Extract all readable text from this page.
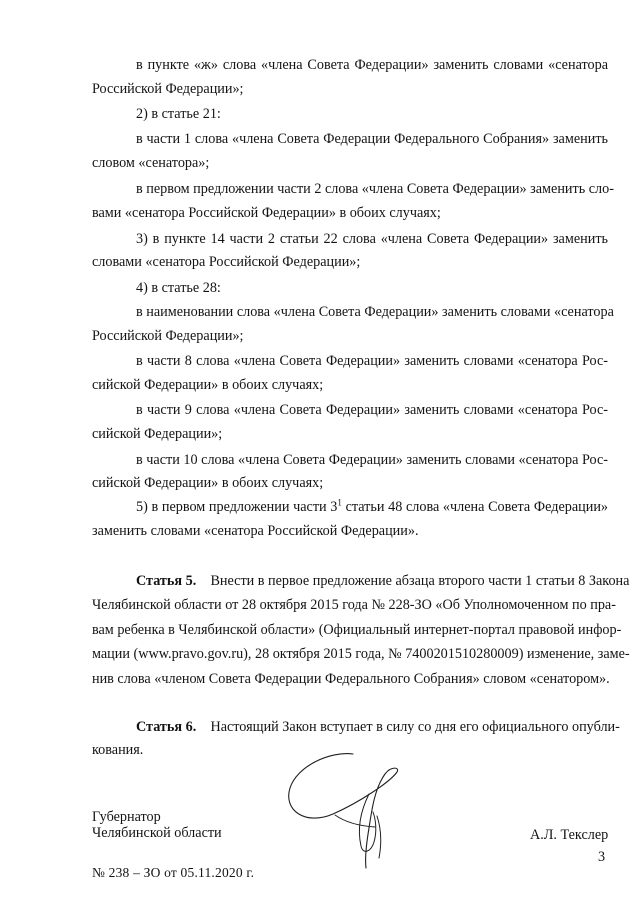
в пункте «ж» слова «члена Совета Федерации» заменить словами «сенатора

Российской Федерации»;

2) в статье 21:

в части 1 слова «члена Совета Федерации Федерального Собрания» заменить

словом «сенатора»;

в первом предложении части 2 слова «члена Совета Федерации» заменить сло-

вами «сенатора Российской Федерации» в обоих случаях;

3) в пункте 14 части 2 статьи 22 слова «члена Совета Федерации» заменить

словами «сенатора Российской Федерации»;

4) в статье 28:

в наименовании слова «члена Совета Федерации» заменить словами «сенатора

Российской Федерации»;

в части 8 слова «члена Совета Федерации» заменить словами «сенатора Рос-

сийской Федерации» в обоих случаях;

в части 9 слова «члена Совета Федерации» заменить словами «сенатора Рос-

сийской Федерации»;

в части 10 слова «члена Совета Федерации» заменить словами «сенатора Рос-

сийской Федерации» в обоих случаях;

5) в первом предложении части $3^1$ статьи 48 слова «члена Совета Федерации»

заменить словами «сенатора Российской Федерации».

Статья 5. Внести в первое предложение абзаца второго части 1 статьи 8 Закона

Челябинской области от 28 октября 2015 года № 228-ЗО «Об Уполномоченном по пра-

вам ребенка в Челябинской области» (Официальный интернет-портал правовой инфор-

мации (www.pravo.gov.ru), 28 октября 2015 года, № 7400201510280009) изменение, заме-

нив слова «членом Совета Федерации Федерального Собрания» словом «сенатором».

Статья 6. Настоящий Закон вступает в силу со дня его официального опубли-

кования.

Губернатор

Челябинской области	А.Л. Текслер

3

№ 238 – ЗО от 05.11.2020 г.
